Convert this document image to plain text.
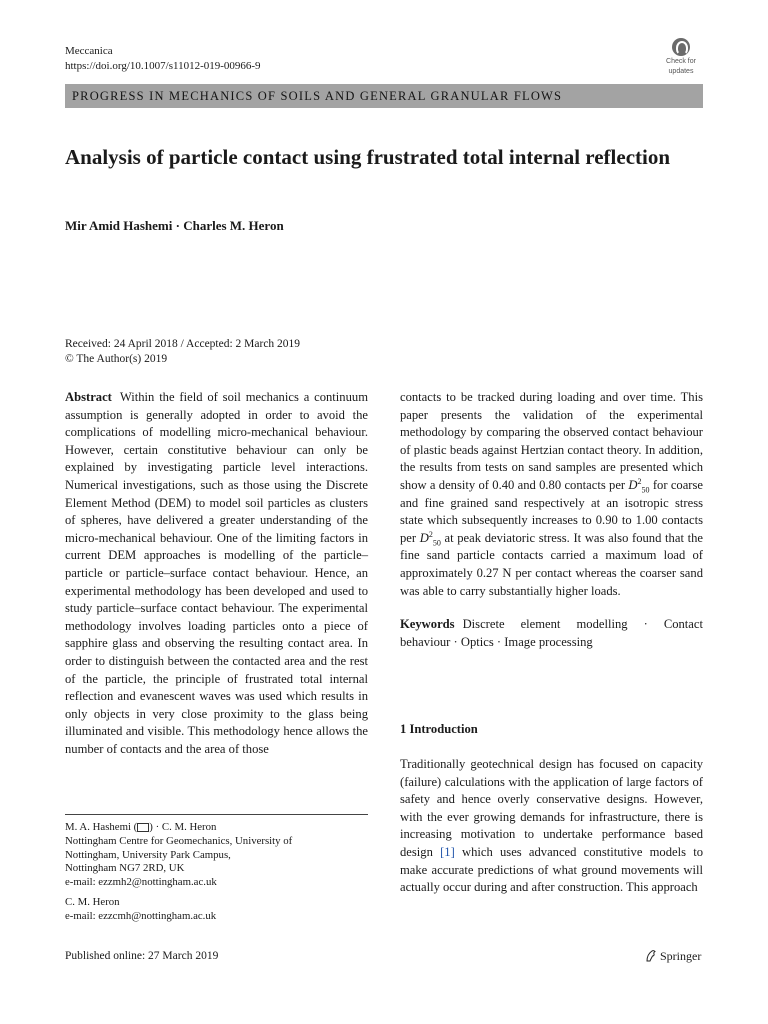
Meccanica
https://doi.org/10.1007/s11012-019-00966-9	Check for
updates
PROGRESS IN MECHANICS OF SOILS AND GENERAL GRANULAR FLOWS
Analysis of particle contact using frustrated total internal reflection
Mir Amid Hashemi · Charles M. Heron
Received: 24 April 2018 / Accepted: 2 March 2019
© The Author(s) 2019

Abstract Within the field of soil mechanics a continuum assumption is generally adopted in order to avoid the complications of modelling micro-mechanical behaviour. However, certain constitutive behaviour can only be explained by investigating particle level interactions. Numerical investigations, such as those using the Discrete Element Method (DEM) to model soil particles as clusters of spheres, have delivered a greater understanding of the micro-mechanical behaviour. One of the limiting factors in current DEM approaches is modelling of the particle–particle or particle–surface contact behaviour. Hence, an experimental methodology has been developed and used to study particle–surface contact behaviour. The experimental methodology involves loading particles onto a piece of sapphire glass and observing the resulting contact area. In order to distinguish between the contacted area and the rest of the particle, the principle of frustrated total internal reflection and evanescent waves was used which results in only objects in very close proximity to the glass being illuminated and visible. This methodology hence allows the number of contacts and the area of those

contacts to be tracked during loading and over time. This paper presents the validation of the experimental methodology by comparing the observed contact behaviour of plastic beads against Hertzian contact theory. In addition, the results from tests on sand samples are presented which show a density of 0.40 and 0.80 contacts per $D^2_{50}$ for coarse and fine grained sand respectively at an isotropic stress state which subsequently increases to 0.90 to 1.00 contacts per $D^2_{50}$ at peak deviatoric stress. It was also found that the fine sand particle contacts carried a maximum load of approximately 0.27 N per contact whereas the coarser sand was able to carry substantially higher loads.

Keywords Discrete element modelling · Contact behaviour · Optics · Image processing

1 Introduction

Traditionally geotechnical design has focused on capacity (failure) calculations with the application of large factors of safety and hence overly conservative designs. However, with the ever growing demands for infrastructure, there is increasing motivation to undertake performance based design [1] which uses advanced constitutive models to make accurate predictions of what ground movements will actually occur during and after construction. This approach

M. A. Hashemi ( ) · C. M. Heron
Nottingham Centre for Geomechanics, University of
Nottingham, University Park Campus,
Nottingham NG7 2RD, UK
e-mail: ezzmh2@nottingham.ac.uk
C. M. Heron
e-mail: ezzcmh@nottingham.ac.uk
Published online: 27 March 2019	Springer
